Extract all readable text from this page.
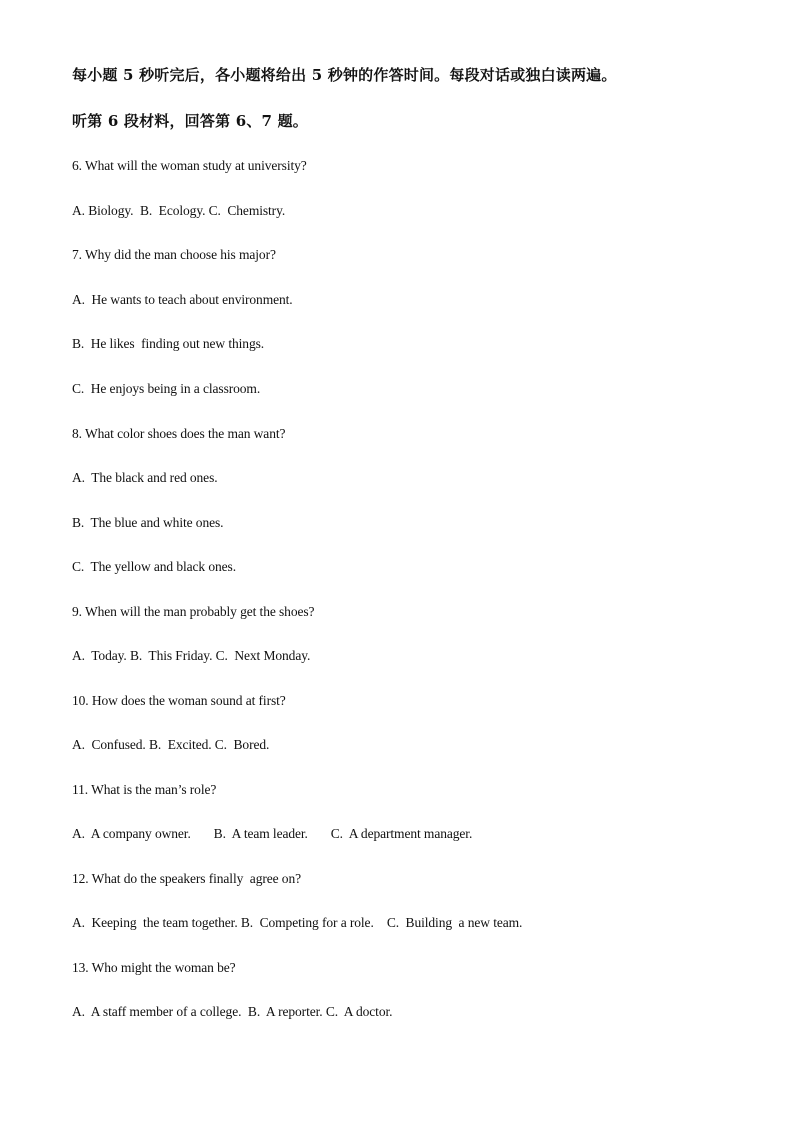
每小题 5 秒听完后，各小题将给出 5 秒钟的作答时间。每段对话或独白读两遍。
听第 6 段材料，回答第 6、7 题。
6. What will the woman study at university?
A. Biology.  B.  Ecology. C.  Chemistry.
7. Why did the man choose his major?
A.  He wants to teach about environment.
B.  He likes  finding out new things.
C.  He enjoys being in a classroom.
8. What color shoes does the man want?
A.  The black and red ones.
B.  The blue and white ones.
C.  The yellow and black ones.
9. When will the man probably get the shoes?
A.  Today. B.  This Friday. C.  Next Monday.
10. How does the woman sound at first?
A.  Confused. B.  Excited. C.  Bored.
11. What is the man’s role?
A.  A company owner.       B.  A team leader.       C.  A department manager.
12. What do the speakers finally  agree on?
A.  Keeping  the team together. B.  Competing for a role.    C.  Building  a new team.
13. Who might the woman be?
A.  A staff member of a college.  B.  A reporter. C.  A doctor.
